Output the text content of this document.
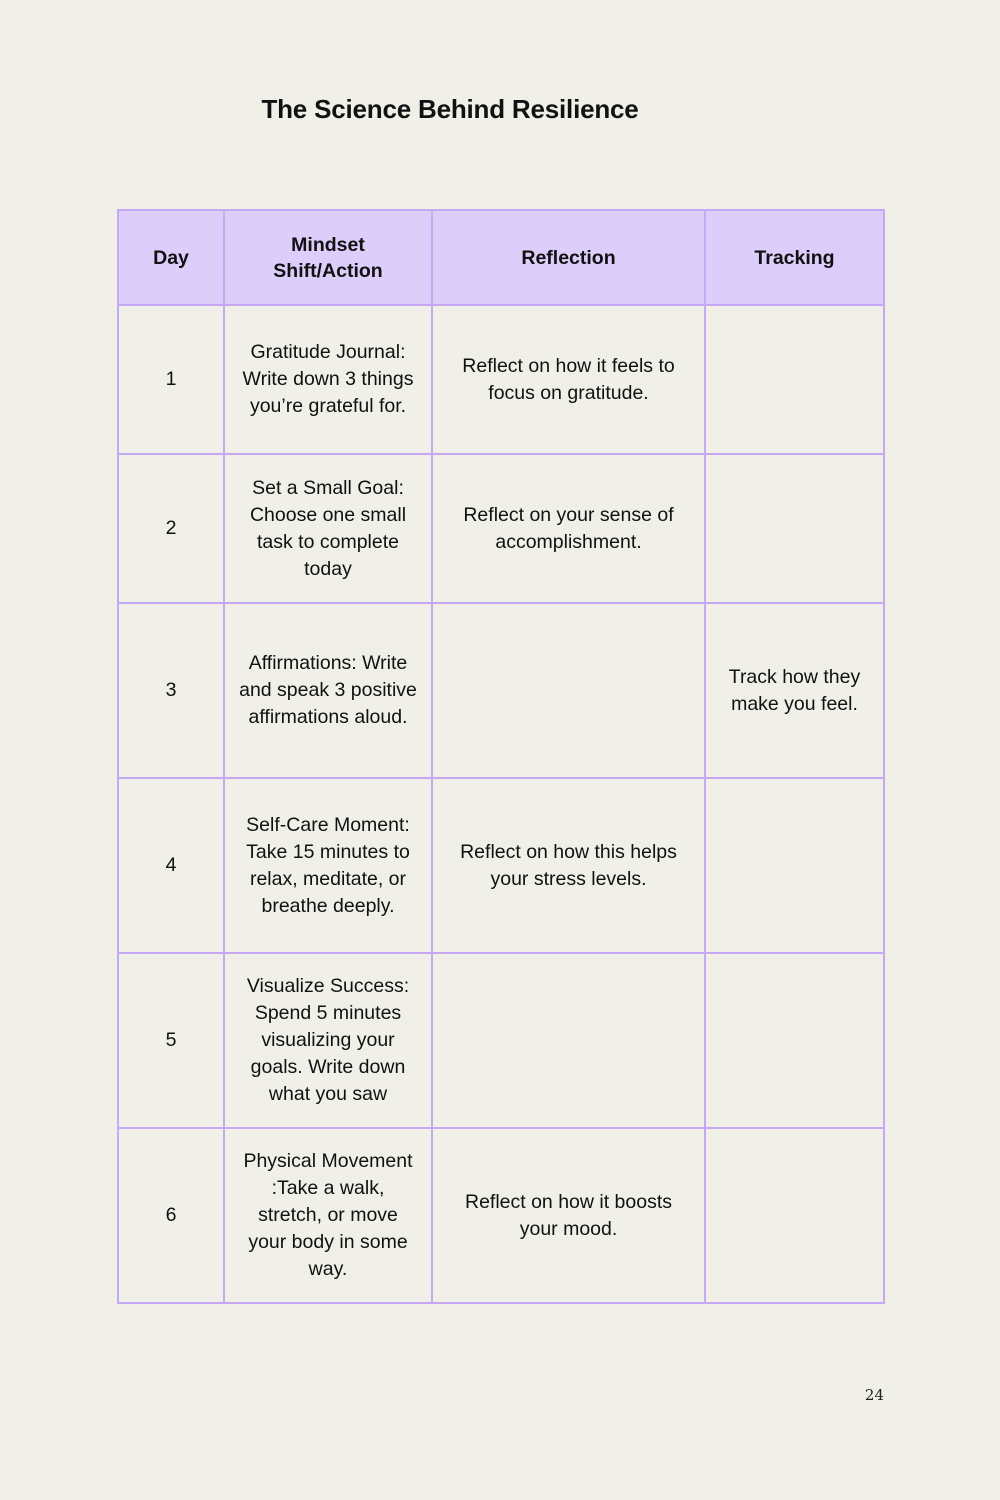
The Science Behind Resilience
Day	Mindset Shift/Action	Reflection	Tracking
1	Gratitude Journal: Write down 3 things you’re grateful for.	Reflect on how it feels to focus on gratitude.	
2	Set a Small Goal: Choose one small task to complete today	Reflect on your sense of accomplishment.	
3	Affirmations: Write and speak 3 positive affirmations aloud.		Track how they make you feel.
4	Self-Care Moment: Take 15 minutes to relax, meditate, or breathe deeply.	Reflect on how this helps your stress levels.	
5	Visualize Success: Spend 5 minutes visualizing your goals. Write down what you saw		
6	Physical Movement :Take a walk, stretch, or move your body in some way.	Reflect on how it boosts your mood.	
24
